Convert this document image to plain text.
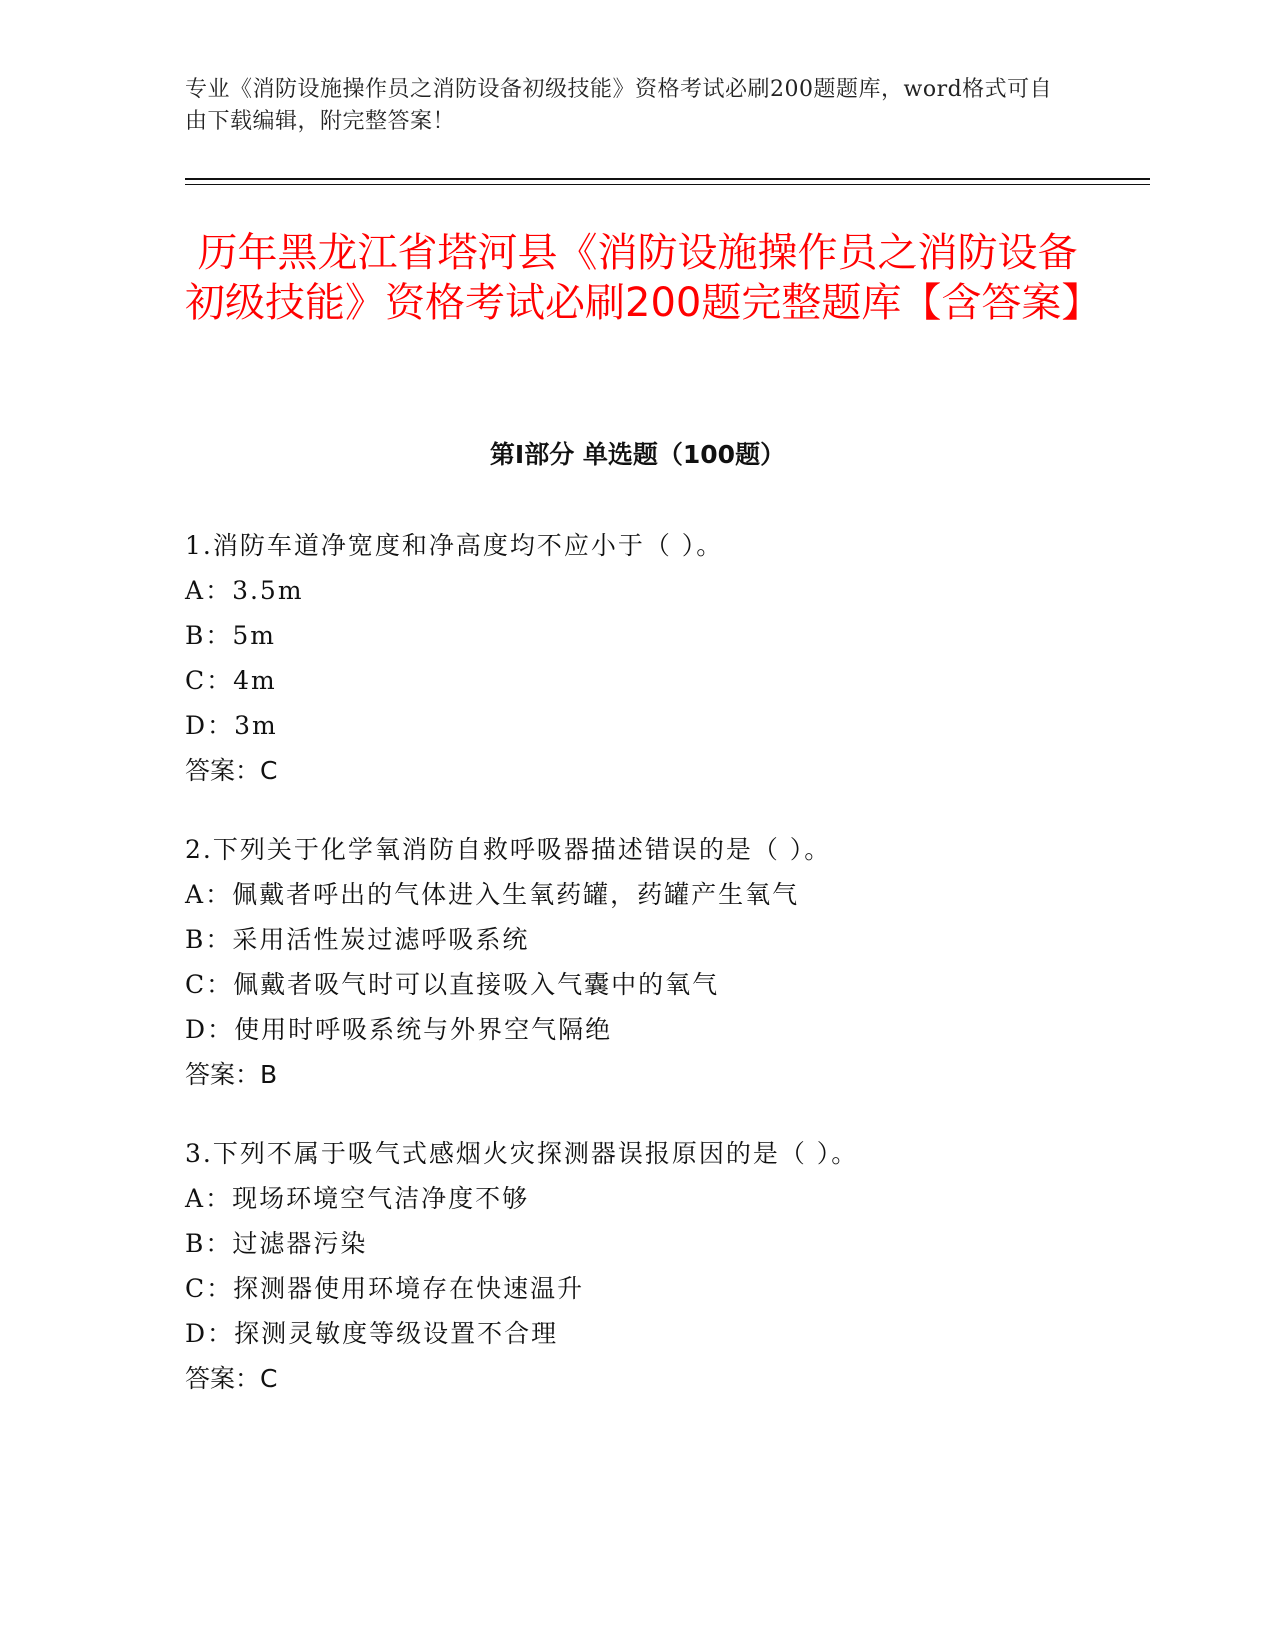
专业《消防设施操作员之消防设备初级技能》资格考试必刷200题题库，word格式可自由下载编辑，附完整答案！
历年黑龙江省塔河县《消防设施操作员之消防设备初级技能》资格考试必刷200题完整题库【含答案】
第Ⅰ部分 单选题（100题）
1.消防车道净宽度和净高度均不应小于（ ）。
A：3.5m
B：5m
C：4m
D：3m
答案：C
2.下列关于化学氧消防自救呼吸器描述错误的是（ ）。
A：佩戴者呼出的气体进入生氧药罐，药罐产生氧气
B：采用活性炭过滤呼吸系统
C：佩戴者吸气时可以直接吸入气囊中的氧气
D：使用时呼吸系统与外界空气隔绝
答案：B
3.下列不属于吸气式感烟火灾探测器误报原因的是（ ）。
A：现场环境空气洁净度不够
B：过滤器污染
C：探测器使用环境存在快速温升
D：探测灵敏度等级设置不合理
答案：C
